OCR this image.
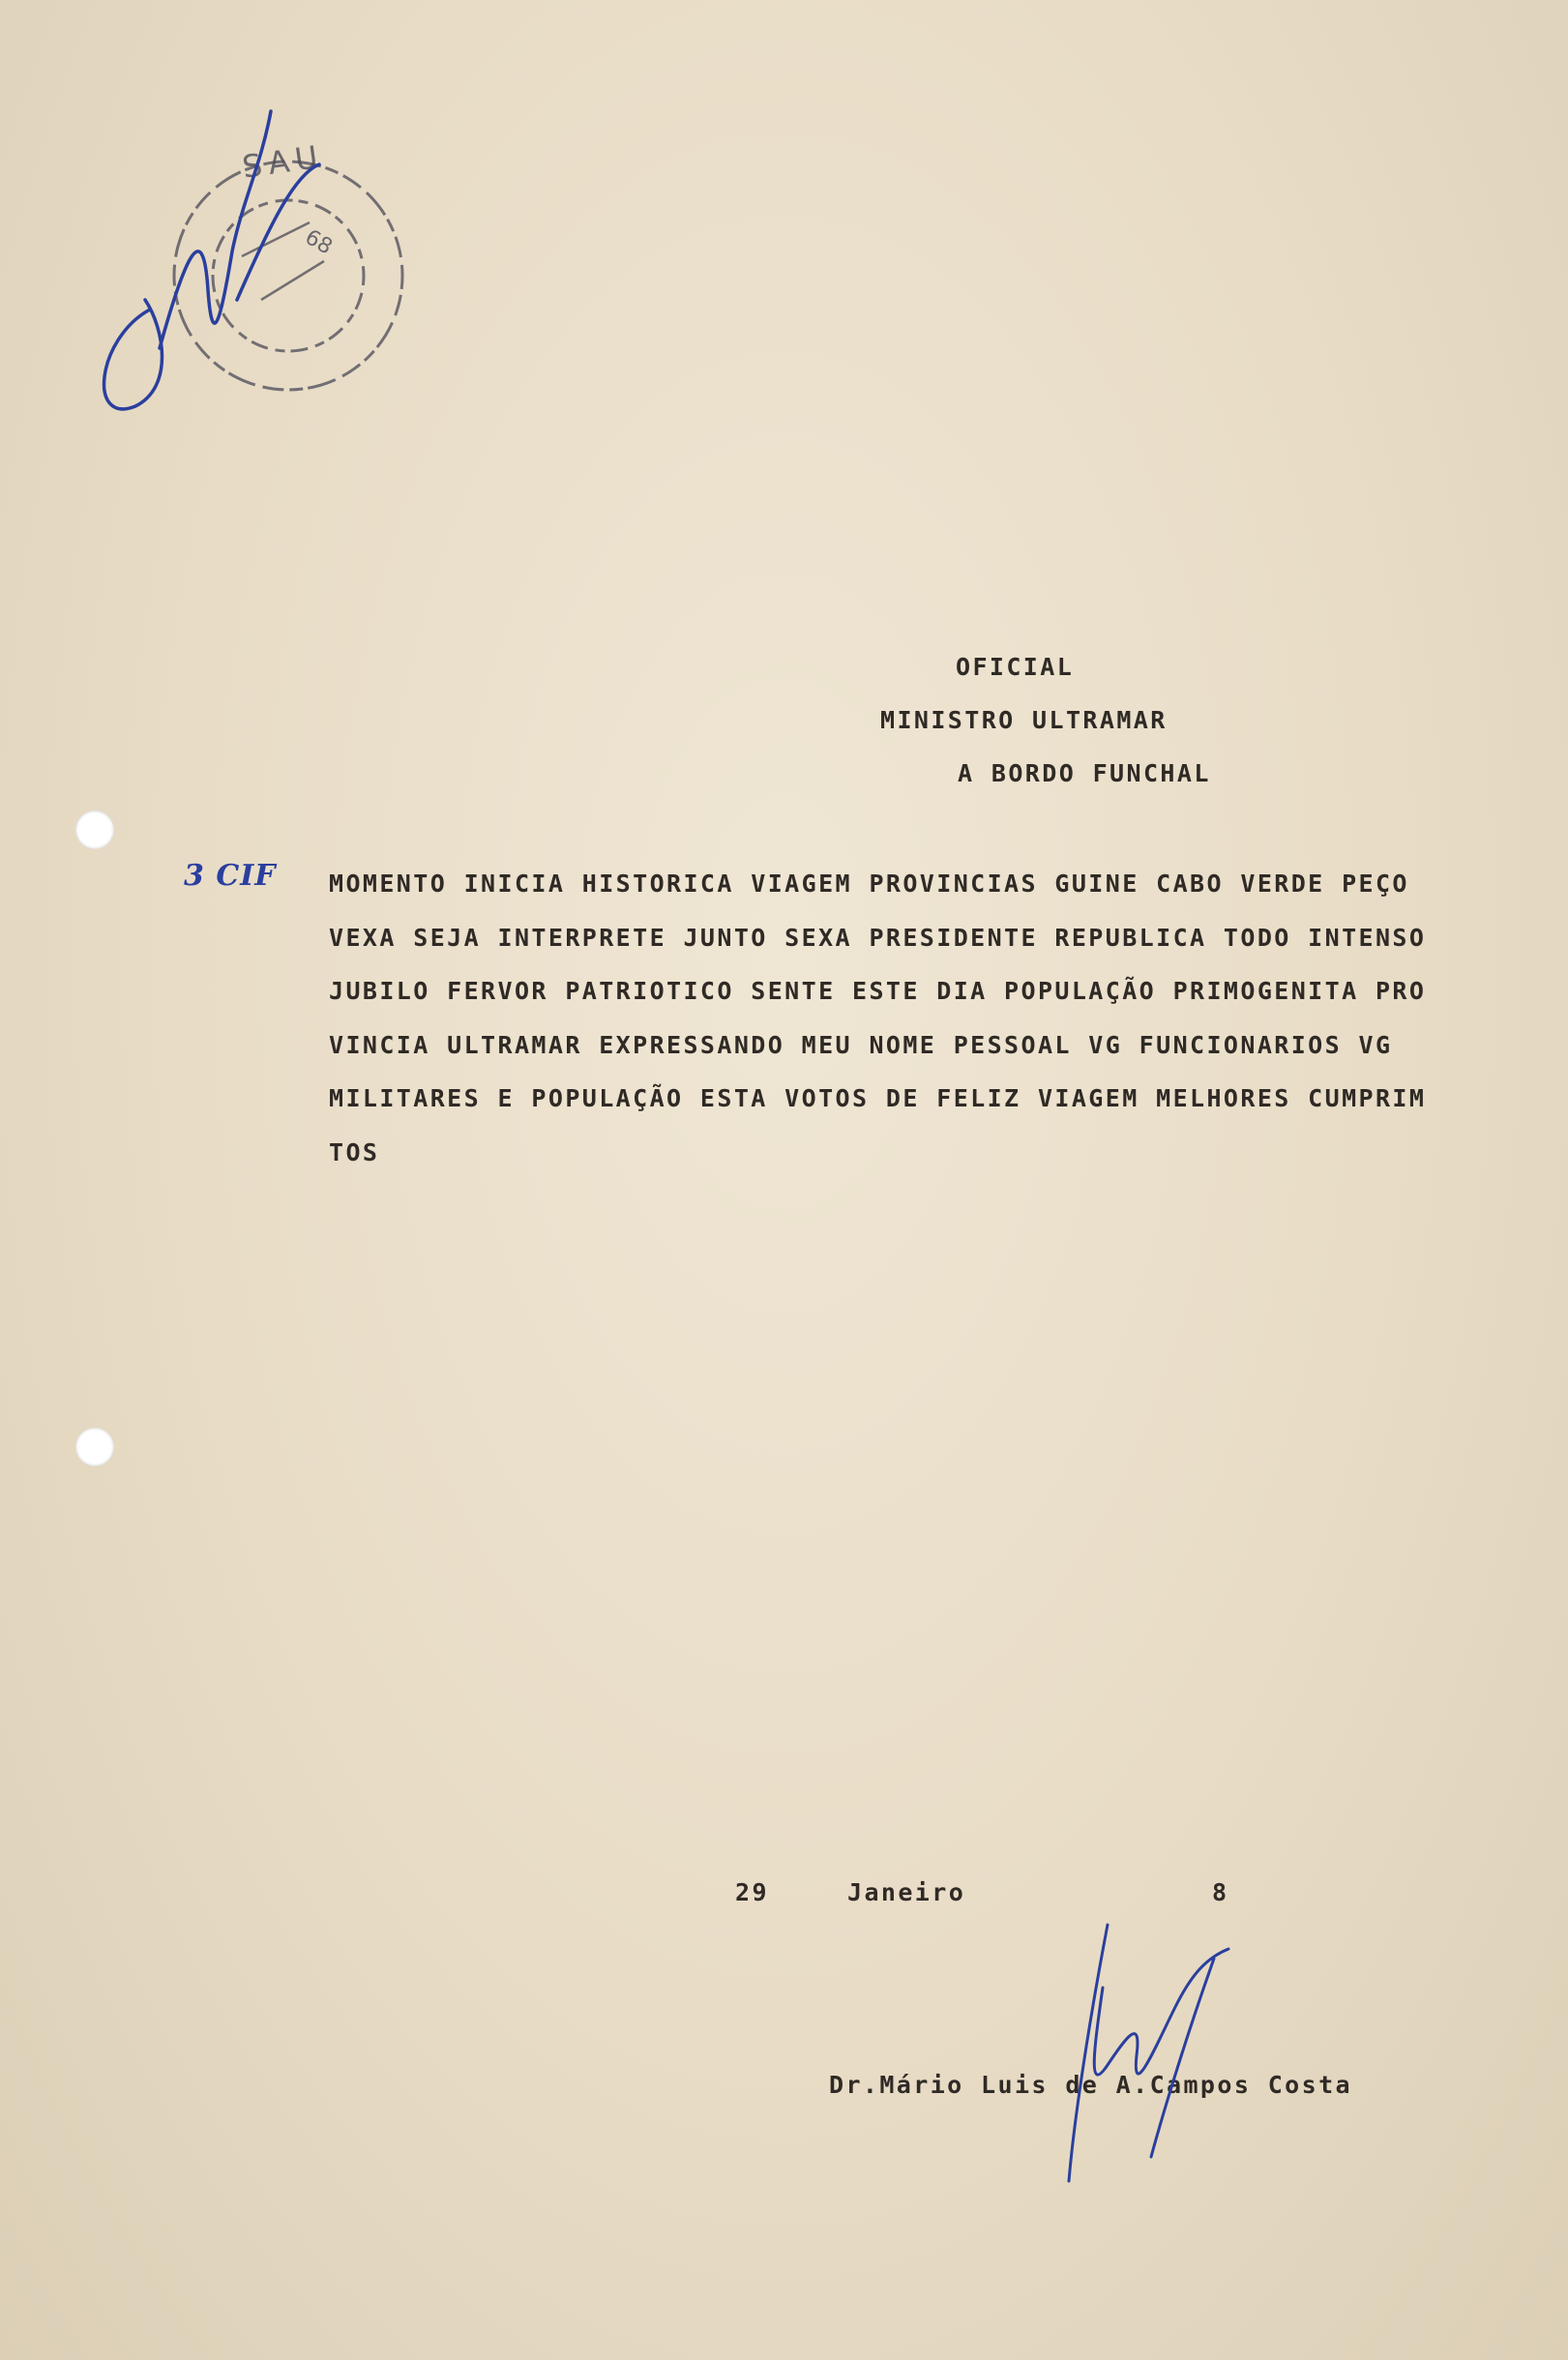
SAU
68
OFICIAL
MINISTRO ULTRAMAR
A BORDO FUNCHAL
3 CIF MOMENTO INICIA HISTORICA VIAGEM PROVINCIAS GUINE CABO VERDE PEÇO
VEXA SEJA INTERPRETE JUNTO SEXA PRESIDENTE REPUBLICA TODO INTENSO
JUBILO FERVOR PATRIOTICO SENTE ESTE DIA POPULAÇÃO PRIMOGENITA PRO
VINCIA ULTRAMAR EXPRESSANDO MEU NOME PESSOAL VG FUNCIONARIOS VG
MILITARES E POPULAÇÃO ESTA VOTOS DE FELIZ VIAGEM MELHORES CUMPRIM
TOS
29	Janeiro	8
Dr.Mário Luis de A.Campos Costa
